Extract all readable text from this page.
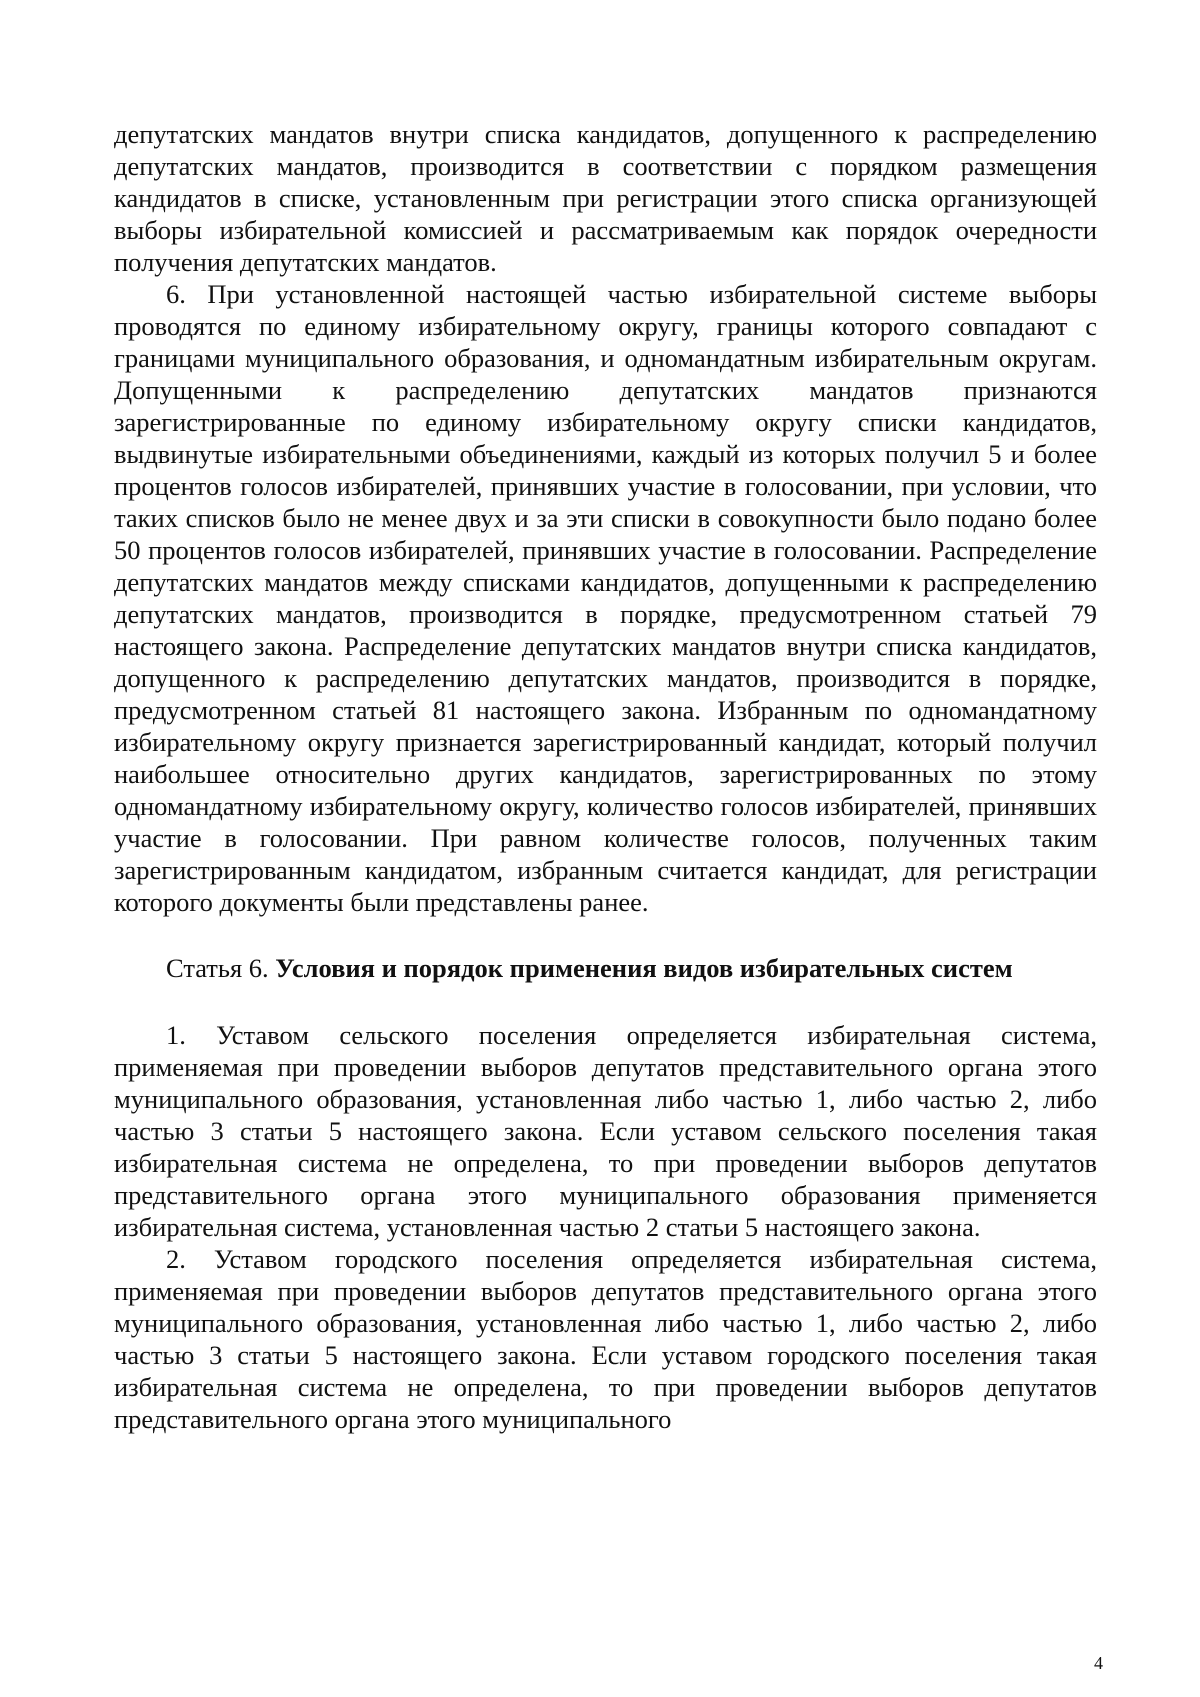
депутатских мандатов внутри списка кандидатов, допущенного к распределению депутатских мандатов, производится в соответствии с порядком размещения кандидатов в списке, установленным при регистрации этого списка организующей выборы избирательной комиссией и рассматриваемым как порядок очередности получения депутатских мандатов.

6. При установленной настоящей частью избирательной системе выборы проводятся по единому избирательному округу, границы которого совпадают с границами муниципального образования, и одномандатным избирательным округам. Допущенными к распределению депутатских мандатов признаются зарегистрированные по единому избирательному округу списки кандидатов, выдвинутые избирательными объединениями, каждый из которых получил 5 и более процентов голосов избирателей, принявших участие в голосовании, при условии, что таких списков было не менее двух и за эти списки в совокупности было подано более 50 процентов голосов избирателей, принявших участие в голосовании. Распределение депутатских мандатов между списками кандидатов, допущенными к распределению депутатских мандатов, производится в порядке, предусмотренном статьей 79 настоящего закона. Распределение депутатских мандатов внутри списка кандидатов, допущенного к распределению депутатских мандатов, производится в порядке, предусмотренном статьей 81 настоящего закона. Избранным по одномандатному избирательному округу признается зарегистрированный кандидат, который получил наибольшее относительно других кандидатов, зарегистрированных по этому одномандатному избирательному округу, количество голосов избирателей, принявших участие в голосовании. При равном количестве голосов, полученных таким зарегистрированным кандидатом, избранным считается кандидат, для регистрации которого документы были представлены ранее.

Статья 6. Условия и порядок применения видов избирательных систем

1. Уставом сельского поселения определяется избирательная система, применяемая при проведении выборов депутатов представительного органа этого муниципального образования, установленная либо частью 1, либо частью 2, либо частью 3 статьи 5 настоящего закона. Если уставом сельского поселения такая избирательная система не определена, то при проведении выборов депутатов представительного органа этого муниципального образования применяется избирательная система, установленная частью 2 статьи 5 настоящего закона.

2. Уставом городского поселения определяется избирательная система, применяемая при проведении выборов депутатов представительного органа этого муниципального образования, установленная либо частью 1, либо частью 2, либо частью 3 статьи 5 настоящего закона. Если уставом городского поселения такая избирательная система не определена, то при проведении выборов депутатов представительного органа этого муниципального

4
